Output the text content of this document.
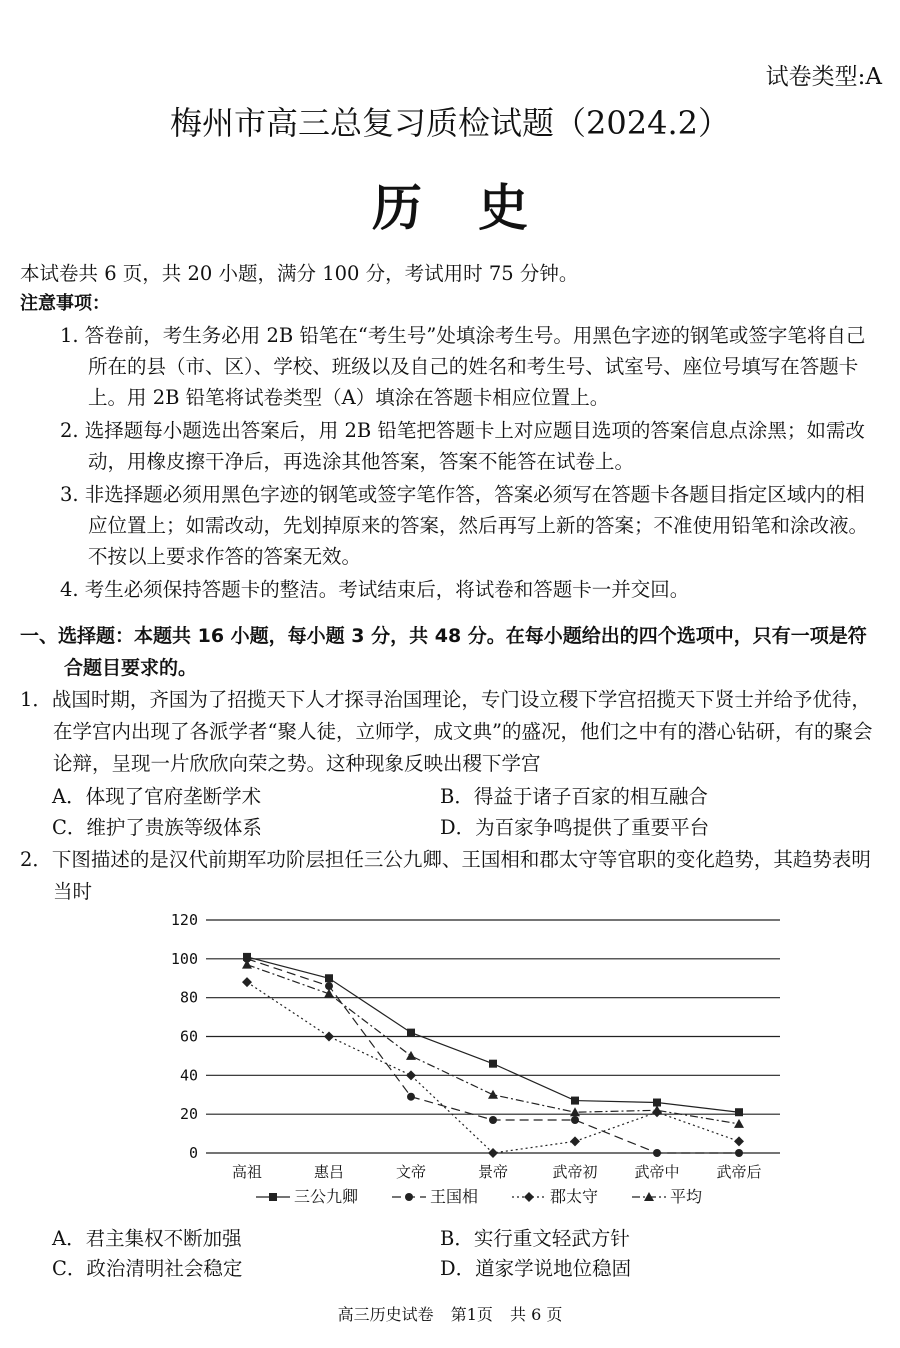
试卷类型:A
梅州市高三总复习质检试题（2024.2）
历史
本试卷共 6 页，共 20 小题，满分 100 分，考试用时 75 分钟。
注意事项：
1. 答卷前，考生务必用 2B 铅笔在“考生号”处填涂考生号。用黑色字迹的钢笔或签字笔将自己所在的县（市、区）、学校、班级以及自己的姓名和考生号、试室号、座位号填写在答题卡上。用 2B 铅笔将试卷类型（A）填涂在答题卡相应位置上。
2. 选择题每小题选出答案后，用 2B 铅笔把答题卡上对应题目选项的答案信息点涂黑；如需改动，用橡皮擦干净后，再选涂其他答案，答案不能答在试卷上。
3. 非选择题必须用黑色字迹的钢笔或签字笔作答，答案必须写在答题卡各题目指定区域内的相应位置上；如需改动，先划掉原来的答案，然后再写上新的答案；不准使用铅笔和涂改液。不按以上要求作答的答案无效。
4. 考生必须保持答题卡的整洁。考试结束后，将试卷和答题卡一并交回。
一、选择题：本题共 16 小题，每小题 3 分，共 48 分。在每小题给出的四个选项中，只有一项是符合题目要求的。
1．战国时期，齐国为了招揽天下人才探寻治国理论，专门设立稷下学宫招揽天下贤士并给予优待，在学宫内出现了各派学者“聚人徒，立师学，成文典”的盛况，他们之中有的潜心钻研，有的聚会论辩，呈现一片欣欣向荣之势。这种现象反映出稷下学宫
A．体现了官府垄断学术	B．得益于诸子百家的相互融合
C．维护了贵族等级体系	D．为百家争鸣提供了重要平台
2．下图描述的是汉代前期军功阶层担任三公九卿、王国相和郡太守等官职的变化趋势，其趋势表明当时
0
20
40
60
80
100
120
高祖	惠吕	文帝	景帝	武帝初 武帝中 武帝后
三公九卿	王国相	郡太守	平均
A．君主集权不断加强	B．实行重文轻武方针
C．政治清明社会稳定	D．道家学说地位稳固
高三历史试卷 第1页 共 6 页
